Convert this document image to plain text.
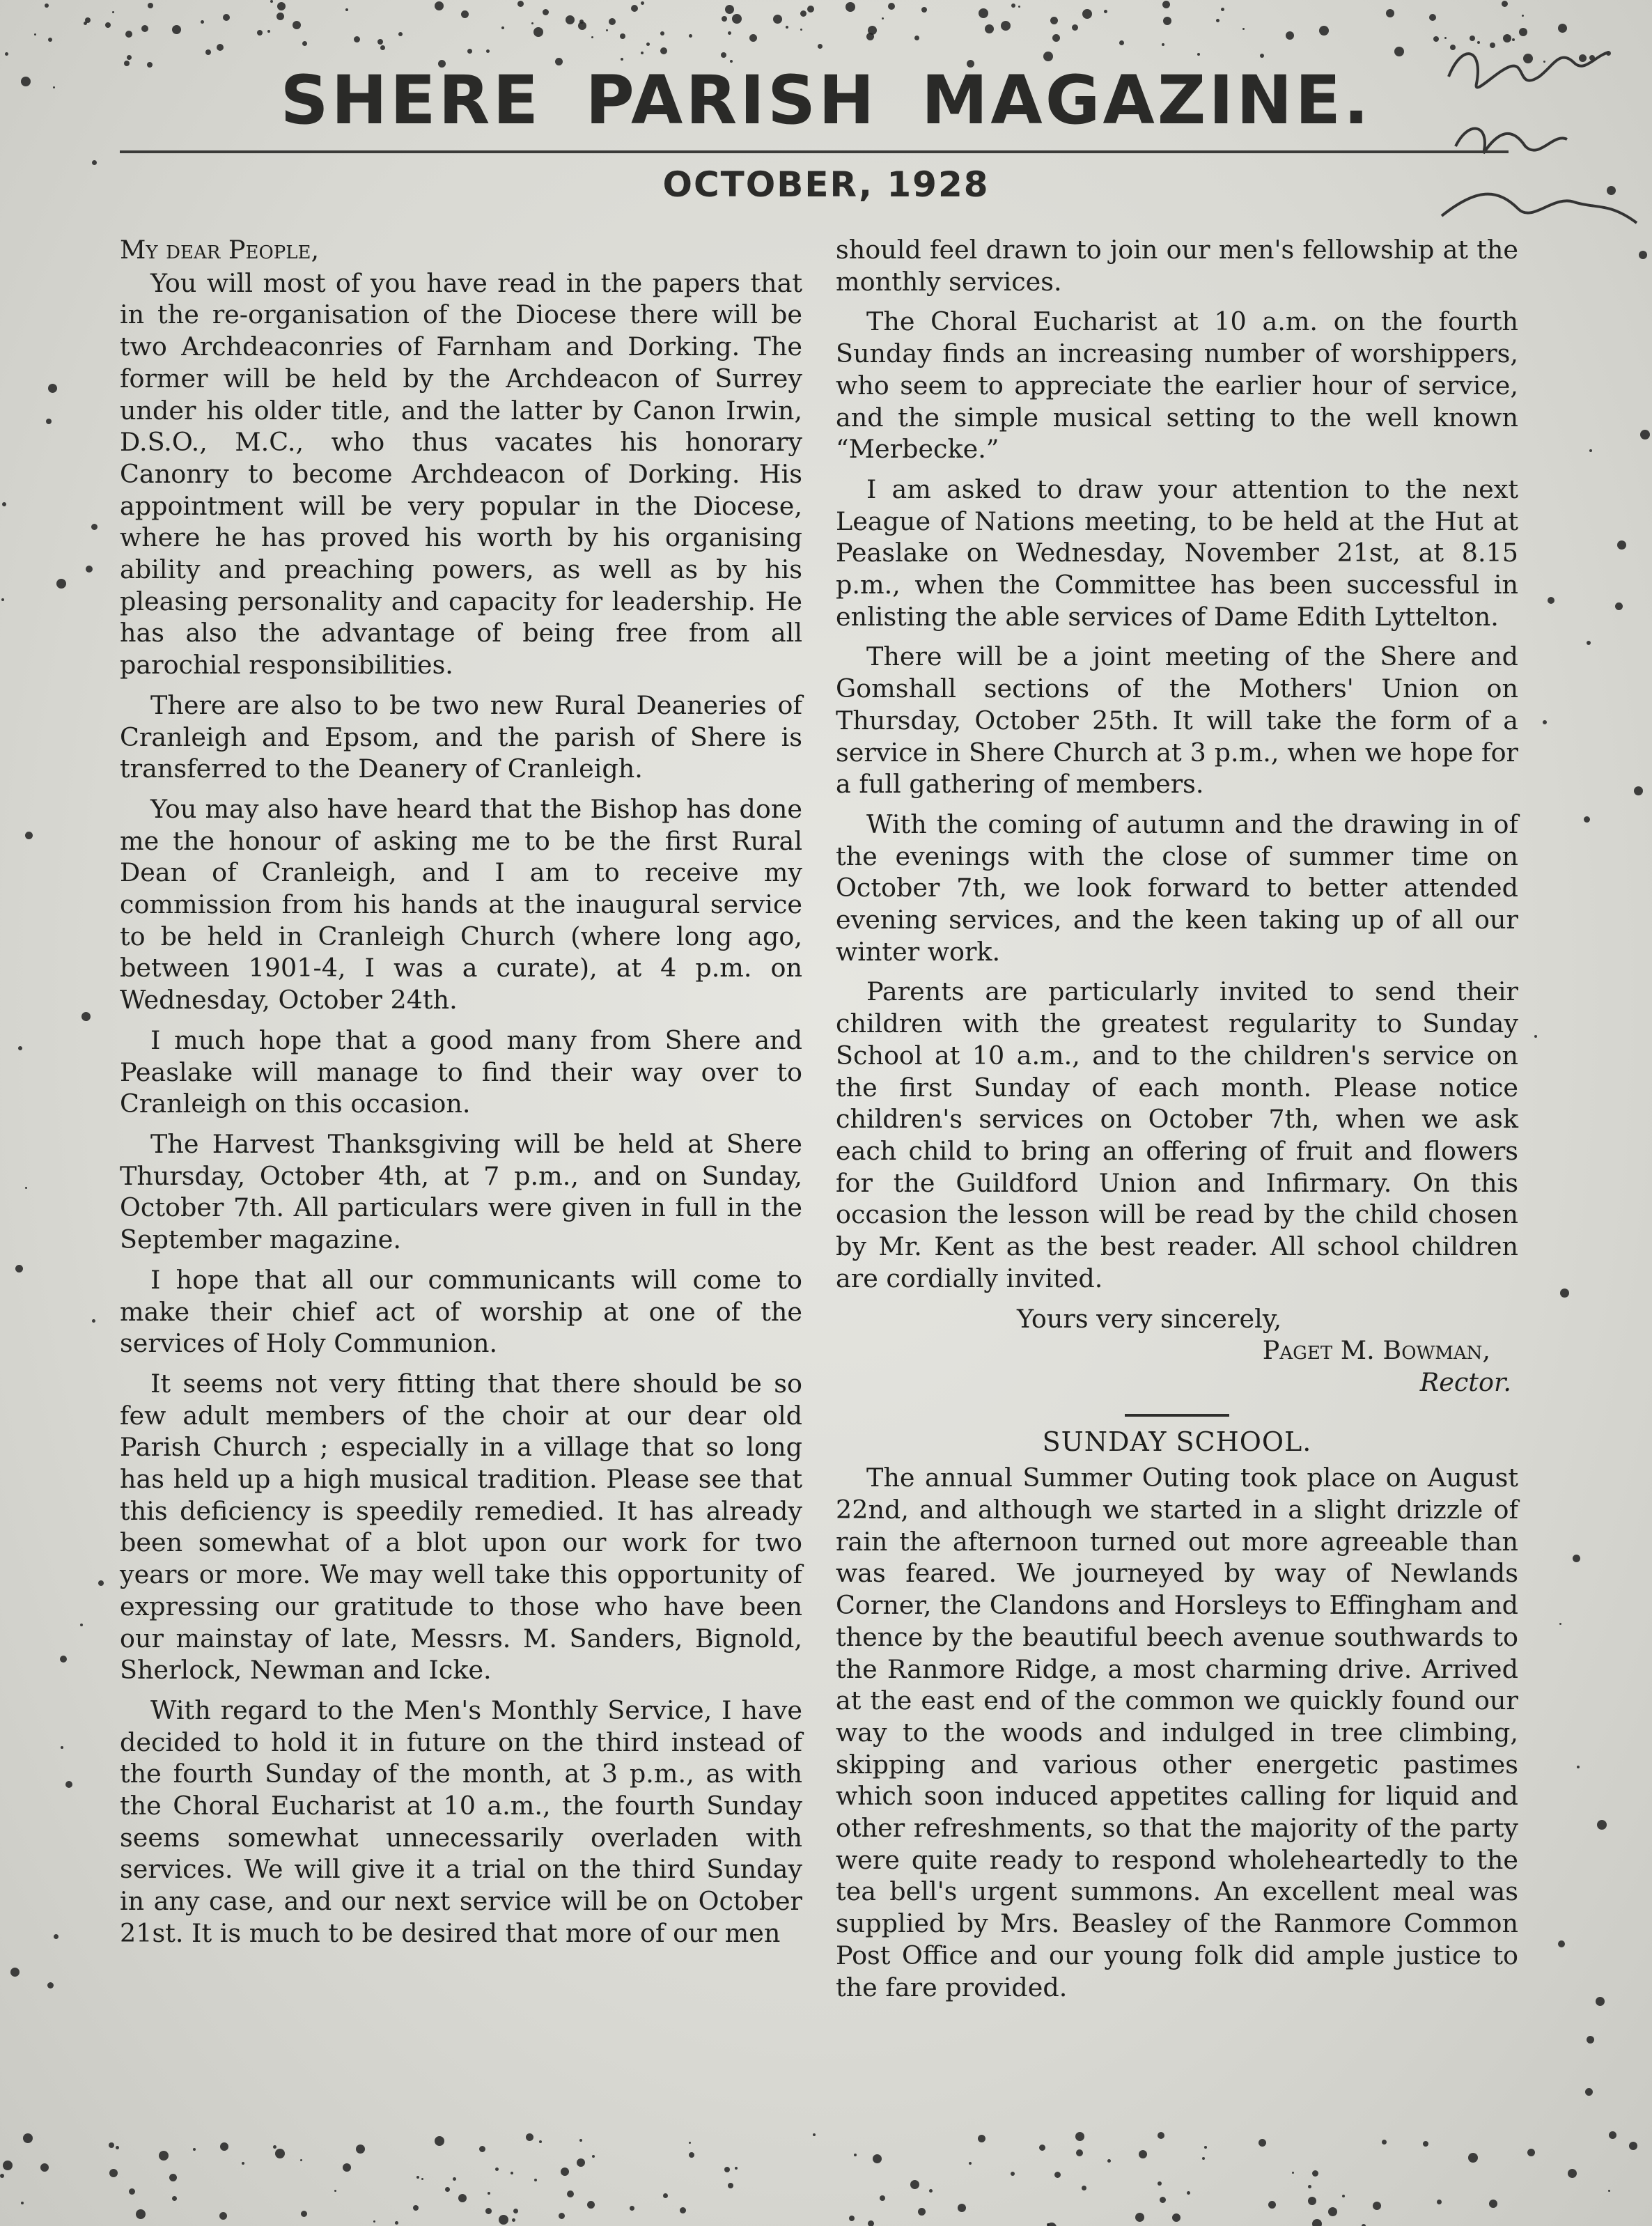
SHERE PARISH MAGAZINE.
OCTOBER, 1928
My dear People,

You will most of you have read in the papers that in the re-organisation of the Diocese there will be two Archdeaconries of Farnham and Dorking. The former will be held by the Archdeacon of Surrey under his older title, and the latter by Canon Irwin, D.S.O., M.C., who thus vacates his honorary Canonry to become Archdeacon of Dorking. His appointment will be very popular in the Diocese, where he has proved his worth by his organising ability and preaching powers, as well as by his pleasing personality and capacity for leadership. He has also the advantage of being free from all parochial responsibilities.

There are also to be two new Rural Deaneries of Cranleigh and Epsom, and the parish of Shere is transferred to the Deanery of Cranleigh.

You may also have heard that the Bishop has done me the honour of asking me to be the first Rural Dean of Cranleigh, and I am to receive my commission from his hands at the inaugural service to be held in Cranleigh Church (where long ago, between 1901-4, I was a curate), at 4 p.m. on Wednesday, October 24th.

I much hope that a good many from Shere and Peaslake will manage to find their way over to Cranleigh on this occasion.

The Harvest Thanksgiving will be held at Shere Thursday, October 4th, at 7 p.m., and on Sunday, October 7th. All particulars were given in full in the September magazine.

I hope that all our communicants will come to make their chief act of worship at one of the services of Holy Communion.

It seems not very fitting that there should be so few adult members of the choir at our dear old Parish Church ; especially in a village that so long has held up a high musical tradition. Please see that this deficiency is speedily remedied. It has already been somewhat of a blot upon our work for two years or more. We may well take this opportunity of expressing our gratitude to those who have been our mainstay of late, Messrs. M. Sanders, Bignold, Sherlock, Newman and Icke.

With regard to the Men's Monthly Service, I have decided to hold it in future on the third instead of the fourth Sunday of the month, at 3 p.m., as with the Choral Eucharist at 10 a.m., the fourth Sunday seems somewhat unnecessarily overladen with services. We will give it a trial on the third Sunday in any case, and our next service will be on October 21st. It is much to be desired that more of our men

should feel drawn to join our men's fellowship at the monthly services.

The Choral Eucharist at 10 a.m. on the fourth Sunday finds an increasing number of worshippers, who seem to appreciate the earlier hour of service, and the simple musical setting to the well known “Merbecke.”

I am asked to draw your attention to the next League of Nations meeting, to be held at the Hut at Peaslake on Wednesday, November 21st, at 8.15 p.m., when the Committee has been successful in enlisting the able services of Dame Edith Lyttelton.

There will be a joint meeting of the Shere and Gomshall sections of the Mothers' Union on Thursday, October 25th. It will take the form of a service in Shere Church at 3 p.m., when we hope for a full gathering of members.

With the coming of autumn and the drawing in of the evenings with the close of summer time on October 7th, we look forward to better attended evening services, and the keen taking up of all our winter work.

Parents are particularly invited to send their children with the greatest regularity to Sunday School at 10 a.m., and to the children's service on the first Sunday of each month. Please notice children's services on October 7th, when we ask each child to bring an offering of fruit and flowers for the Guildford Union and Infirmary. On this occasion the lesson will be read by the child chosen by Mr. Kent as the best reader. All school children are cordially invited.

Yours very sincerely,
Paget M. Bowman,
Rector.
SUNDAY SCHOOL.

The annual Summer Outing took place on August 22nd, and although we started in a slight drizzle of rain the afternoon turned out more agreeable than was feared. We journeyed by way of Newlands Corner, the Clandons and Horsleys to Effingham and thence by the beautiful beech avenue southwards to the Ranmore Ridge, a most charming drive. Arrived at the east end of the common we quickly found our way to the woods and indulged in tree climbing, skipping and various other energetic pastimes which soon induced appetites calling for liquid and other refreshments, so that the majority of the party were quite ready to respond wholeheartedly to the tea bell's urgent summons. An excellent meal was supplied by Mrs. Beasley of the Ranmore Common Post Office and our young folk did ample justice to the fare provided.
